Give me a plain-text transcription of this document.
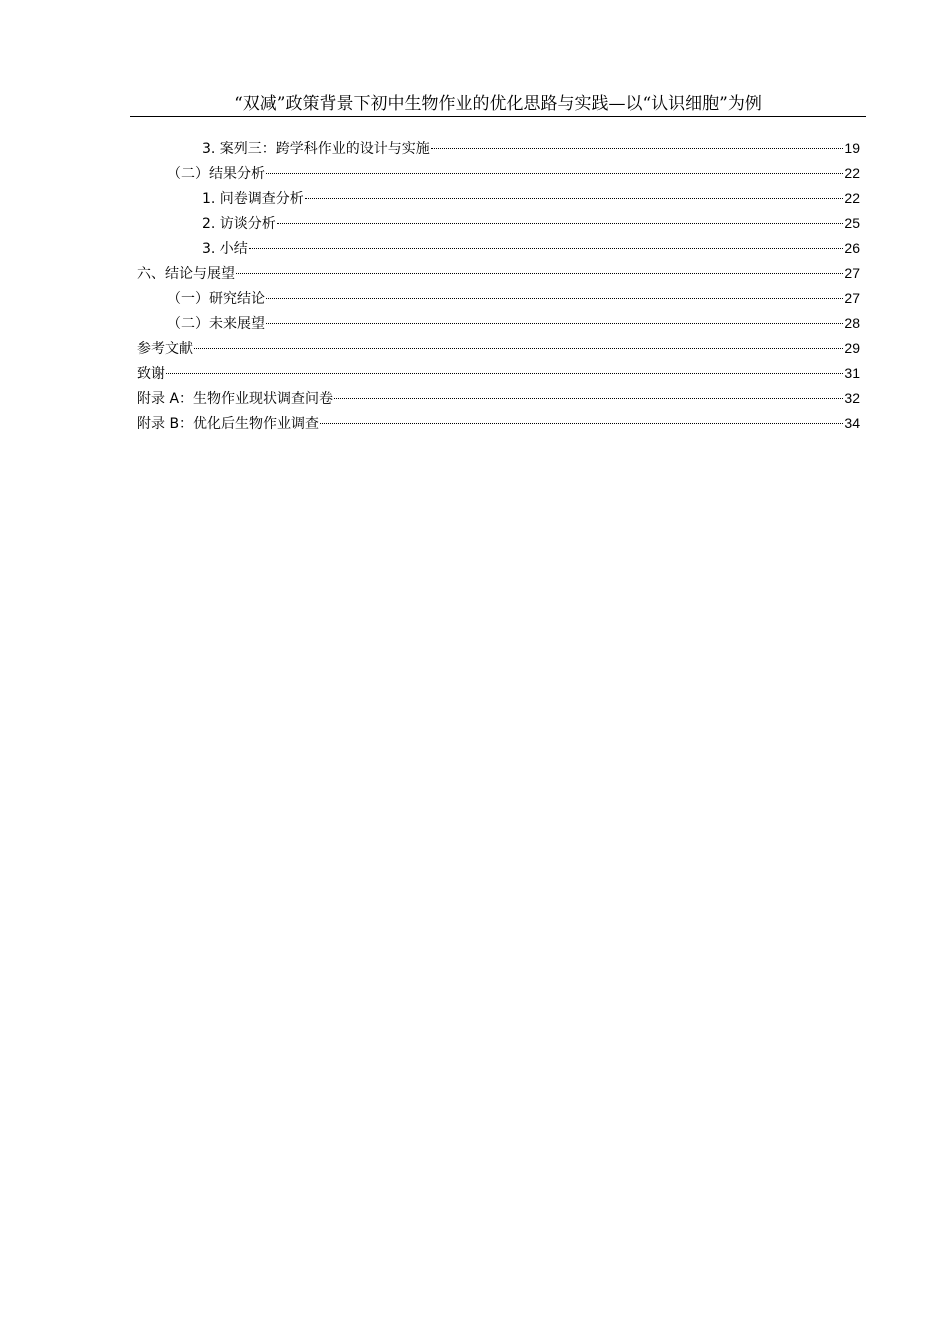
“双减”政策背景下初中生物作业的优化思路与实践—以“认识细胞”为例
3. 案列三：跨学科作业的设计与实施	19
（二）结果分析	22
1. 问卷调查分析	22
2. 访谈分析	25
3. 小结	26
六、结论与展望	27
（一）研究结论	27
（二）未来展望	28
参考文献	29
致谢	31
附录 A：生物作业现状调查问卷	32
附录 B：优化后生物作业调查	34
